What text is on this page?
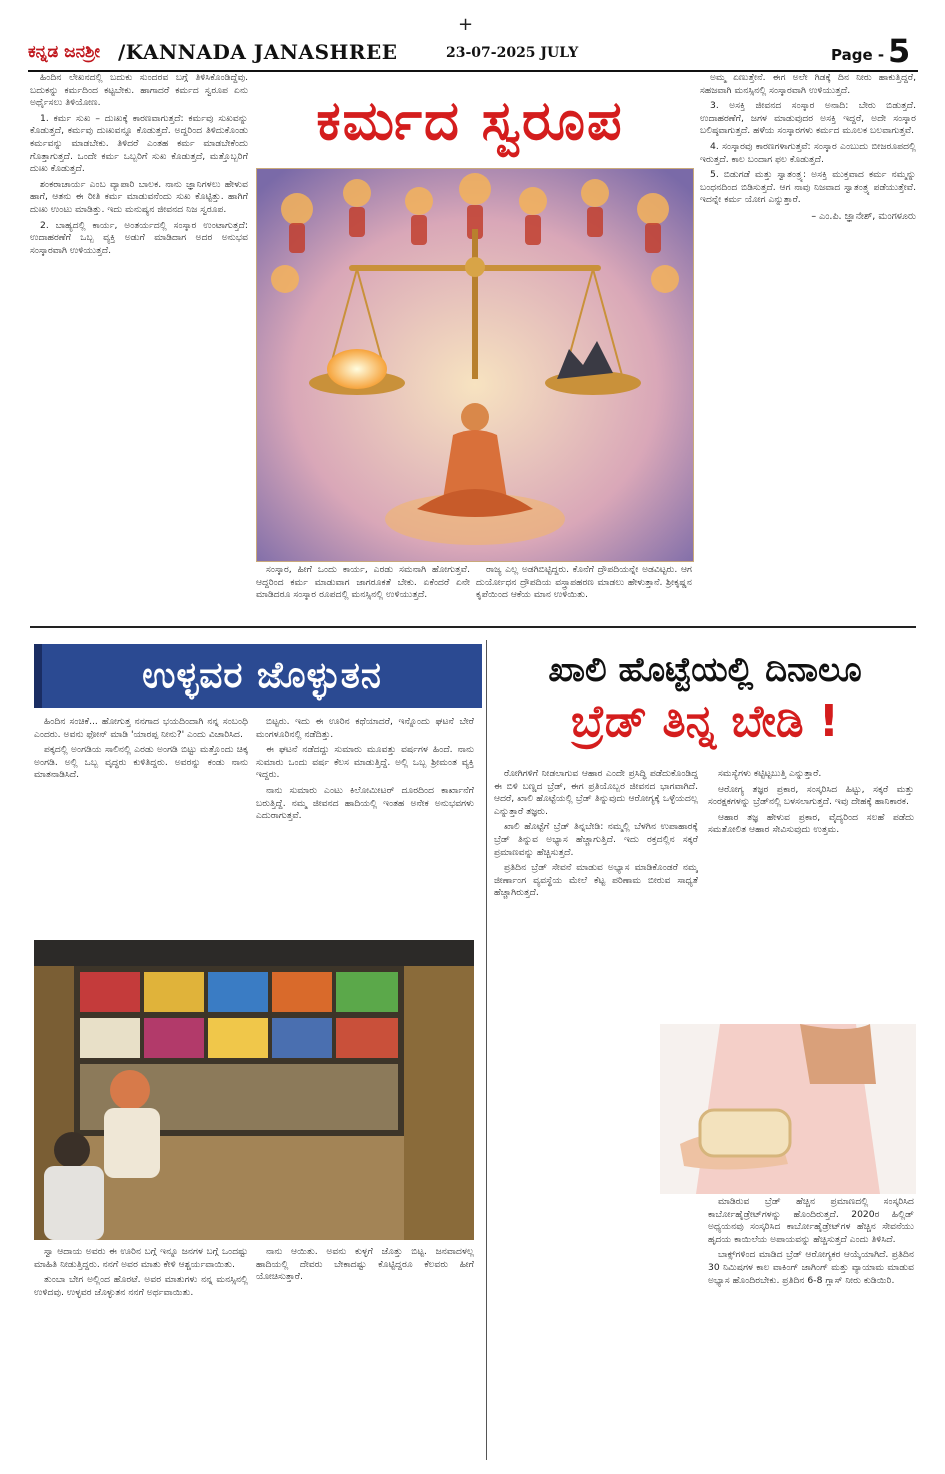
+
ಕನ್ನಡ ಜನಶ್ರೀ /KANNADA JANASHREE	23-07-2025 JULY	Page - 5
ಕರ್ಮದ ಸ್ವರೂಪ

ಹಿಂದಿನ ಲೇಖನದಲ್ಲಿ ಬದುಕು ಸುಂದರವ ಬಗ್ಗೆ ತಿಳಿಸಿಕೊಂಡಿದ್ದೆವು. ಬದುಕನ್ನು ಕರ್ಮದಿಂದ ಕಟ್ಟಬೇಕು. ಹಾಗಾದರೆ ಕರ್ಮದ ಸ್ವರೂಪ ಏನು ಅರ್ಥೈಸಲು ತಿಳಿಯೋಣ.

1. ಕರ್ಮ ಸುಖ – ದುಃಖಕ್ಕೆ ಕಾರಣವಾಗುತ್ತದೆ: ಕರ್ಮವು ಸುಖವನ್ನು ಕೊಡುತ್ತದೆ, ಕರ್ಮವು ದುಃಖವನ್ನೂ ಕೊಡುತ್ತದೆ. ಅದ್ದರಿಂದ ತಿಳಿದುಕೊಂಡು ಕರ್ಮವನ್ನು ಮಾಡಬೇಕು. ತಿಳಿದರೆ ಎಂತಹ ಕರ್ಮ ಮಾಡಬೇಕೆಂದು ಗೊತ್ತಾಗುತ್ತದೆ. ಒಂದೇ ಕರ್ಮ ಒಬ್ಬರಿಗೆ ಸುಖ ಕೊಡುತ್ತದೆ, ಮತ್ತೊಬ್ಬರಿಗೆ ದುಃಖ ಕೊಡುತ್ತದೆ.

ಶಂಕರಾಚಾರ್ಯ ಎಂಬ ವ್ಯಾಪಾರಿ ಬಾಲಕ. ನಾನು ಜ್ಞಾನಿಗಳಲು ಹೇಳುವ ಹಾಗೆ, ಆತನು ಈ ರೀತಿ ಕರ್ಮ ಮಾಡುವನೆಂದು ಸುಖ ಕೊಟ್ಟಿತ್ತು. ಹಾಗಿಗೆ ದುಃಖ ಉಂಟು ಮಾಡಿತ್ತು. ಇದು ಮನುಷ್ಯನ ಜೀವನದ ನಿಜ ಸ್ವರೂಪ.

2. ಬಾಹ್ಯದಲ್ಲಿ ಕಾರ್ಯ, ಅಂತರ್ಯದಲ್ಲಿ ಸಂಸ್ಕಾರ ಉಂಟಾಗುತ್ತದೆ: ಉದಾಹರಣೆಗೆ ಒಬ್ಬ ವ್ಯಕ್ತಿ ಅಡುಗೆ ಮಾಡಿದಾಗ ಅದರ ಅನುಭವ ಸಂಸ್ಕಾರವಾಗಿ ಉಳಿಯುತ್ತದೆ.

ಸಂಸ್ಕಾರ, ಹೀಗೆ ಒಂದು ಕಾರ್ಯ, ಎರಡು ಸಮನಾಗಿ ಹೋಗುತ್ತವೆ. ಆದ್ದರಿಂದ ಕರ್ಮ ಮಾಡುವಾಗ ಜಾಗರೂಕತೆ ಬೇಕು. ಏಕೆಂದರೆ ಏನೇ ಮಾಡಿದರೂ ಸಂಸ್ಕಾರ ರೂಪದಲ್ಲಿ ಮನಸ್ಸಿನಲ್ಲಿ ಉಳಿಯುತ್ತದೆ.

ರಾಜ್ಯ ಎಲ್ಲ ಅಡಗಿಬಿಟ್ಟಿದ್ದರು. ಕೊನೆಗೆ ದ್ರೌಪದಿಯನ್ನೇ ಅಡವಿಟ್ಟರು. ಆಗ ದುರ್ಯೋಧನ ದ್ರೌಪದಿಯ ವಸ್ತ್ರಾಪಹರಣ ಮಾಡಲು ಹೇಳುತ್ತಾನೆ. ಶ್ರೀಕೃಷ್ಣನ ಕೃಪೆಯಿಂದ ಆಕೆಯ ಮಾನ ಉಳಿಯಿತು.

ಅಮ್ಮ ಏಣುತ್ತೇನೆ. ಈಗ ಅಲೇ ಗಿಡಕ್ಕೆ ದಿನ ನೀರು ಹಾಕುತ್ತಿದ್ದರೆ, ಸಹಜವಾಗಿ ಮನಸ್ಸಿನಲ್ಲಿ ಸಂಸ್ಕಾರವಾಗಿ ಉಳಿಯುತ್ತದೆ.

3. ಅಸಕ್ತಿ ಜೀವನದ ಸಂಸ್ಕಾರ ಅನಾದಿ: ಬೇರು ಬಿಡುತ್ತದೆ. ಉದಾಹರಣೆಗೆ, ಜಗಳ ಮಾಡುವುದರ ಅಸಕ್ತಿ ಇದ್ದರೆ, ಅದೇ ಸಂಸ್ಕಾರ ಬಲಿಷ್ಠವಾಗುತ್ತದೆ. ಹಳೆಯ ಸಂಸ್ಕಾರಗಳು ಕರ್ಮದ ಮೂಲಕ ಬಲವಾಗುತ್ತವೆ.

4. ಸಂಸ್ಕಾರವು ಕಾರಣಗಳಾಗುತ್ತವೆ: ಸಂಸ್ಕಾರ ಎಂಬುದು ಬೀಜರೂಪದಲ್ಲಿ ಇರುತ್ತದೆ. ಕಾಲ ಬಂದಾಗ ಫಲ ಕೊಡುತ್ತದೆ.

5. ಬಿಡುಗಡೆ ಮತ್ತು ಸ್ವಾತಂತ್ರ್ಯ: ಅಸಕ್ತಿ ಮುಕ್ತವಾದ ಕರ್ಮ ನಮ್ಮನ್ನು ಬಂಧನದಿಂದ ಬಿಡಿಸುತ್ತದೆ. ಆಗ ನಾವು ನಿಜವಾದ ಸ್ವಾತಂತ್ರ್ಯ ಪಡೆಯುತ್ತೇವೆ. ಇದನ್ನೇ ಕರ್ಮ ಯೋಗ ಎನ್ನುತ್ತಾರೆ.

– ಎಂ.ಪಿ. ಜ್ಞಾನೇಶ್, ಮಂಗಳೂರು
ಉಳ್ಳವರ ಜೊಳ್ಳುತನ

ಹಿಂದಿನ ಸಂಚಿಕೆ... ಹೋಗುತ್ತ ನನಗಾದ ಭಯದಿಂದಾಗಿ ನನ್ನ ಸಂಬಂಧಿ ಎಂದರು. ಅವನು ಫೋನ್ ಮಾಡಿ 'ಯಾರಪ್ಪ ನೀನು?' ಎಂದು ವಿಚಾರಿಸಿದ.

ಪಕ್ಕದಲ್ಲಿ ಅಂಗಡಿಯ ಸಾಲಿನಲ್ಲಿ ಎರಡು ಅಂಗಡಿ ಬಿಟ್ಟು ಮತ್ತೊಂದು ಚಿಕ್ಕ ಅಂಗಡಿ. ಅಲ್ಲಿ ಒಬ್ಬ ವೃದ್ಧರು ಕುಳಿತಿದ್ದರು. ಅವರನ್ನು ಕಂಡು ನಾನು ಮಾತನಾಡಿಸಿದೆ.

ಬಿಟ್ಟರು. ಇದು ಈ ಊರಿನ ಕಥೆಯಾದರೆ, ಇನ್ನೊಂದು ಘಟನೆ ಬೇರೆ ಮಂಗಳೂರಿನಲ್ಲಿ ನಡೆದಿತ್ತು.

ಈ ಘಟನೆ ನಡೆದದ್ದು ಸುಮಾರು ಮೂವತ್ತು ವರ್ಷಗಳ ಹಿಂದೆ. ನಾನು ಸುಮಾರು ಒಂದು ವರ್ಷ ಕೆಲಸ ಮಾಡುತ್ತಿದ್ದೆ. ಅಲ್ಲಿ ಒಬ್ಬ ಶ್ರೀಮಂತ ವ್ಯಕ್ತಿ ಇದ್ದರು.

ನಾನು ಸುಮಾರು ಎಂಟು ಕಿಲೋಮೀಟರ್ ದೂರದಿಂದ ಕಾರ್ಖಾನೆಗೆ ಬರುತ್ತಿದ್ದೆ. ನಮ್ಮ ಜೀವನದ ಹಾದಿಯಲ್ಲಿ ಇಂತಹ ಅನೇಕ ಅನುಭವಗಳು ಎದುರಾಗುತ್ತವೆ.

ಸ್ವಾ ಆದಾಯ ಅವರು ಈ ಊರಿನ ಬಗ್ಗೆ ಇನ್ನೂ ಜನಗಳ ಬಗ್ಗೆ ಒಂದಷ್ಟು ಮಾಹಿತಿ ನೀಡುತ್ತಿದ್ದರು. ನನಗೆ ಅವರ ಮಾತು ಕೇಳಿ ಆಶ್ಚರ್ಯವಾಯಿತು.

ತುಂಬಾ ಬೇಗ ಅಲ್ಲಿಂದ ಹೊರಟೆ. ಅವರ ಮಾತುಗಳು ನನ್ನ ಮನಸ್ಸಿನಲ್ಲಿ ಉಳಿದವು. ಉಳ್ಳವರ ಜೊಳ್ಳುತನ ನನಗೆ ಅರ್ಥವಾಯಿತು.

ನಾನು ಆಯಿತು. ಅವನು ಕುಳ್ಳಗೆ ಜೊತ್ತು ಬಿಟ್ಟ. ಜನವಾದಳಲ್ಲ ಹಾದಿಯಲ್ಲಿ ದೇವರು ಬೇಕಾದಷ್ಟು ಕೊಟ್ಟಿದ್ದರೂ ಕೆಲವರು ಹೀಗೆ ಯೋಚಿಸುತ್ತಾರೆ.

ಖಾಲಿ ಹೊಟ್ಟೆಯಲ್ಲಿ ದಿನಾಲೂ
ಬ್ರೆಡ್ ತಿನ್ನ ಬೇಡಿ !

ರೋಗಿಗಳಿಗೆ ನೀಡಲಾಗುವ ಆಹಾರ ಎಂದೇ ಪ್ರಸಿದ್ಧಿ ಪಡೆದುಕೊಂಡಿದ್ದ ಈ ಬಿಳಿ ಬಣ್ಣದ ಬ್ರೆಡ್, ಈಗ ಪ್ರತಿಯೊಬ್ಬರ ಜೀವನದ ಭಾಗವಾಗಿದೆ. ಆದರೆ, ಖಾಲಿ ಹೊಟ್ಟೆಯಲ್ಲಿ ಬ್ರೆಡ್ ತಿನ್ನುವುದು ಆರೋಗ್ಯಕ್ಕೆ ಒಳ್ಳೆಯದಲ್ಲ ಎನ್ನುತ್ತಾರೆ ತಜ್ಞರು.

ಖಾಲಿ ಹೊಟ್ಟೆಗೆ ಬ್ರೆಡ್ ತಿನ್ನಬೇಡಿ: ನಮ್ಮಲ್ಲಿ ಬೆಳಗಿನ ಉಪಾಹಾರಕ್ಕೆ ಬ್ರೆಡ್ ತಿನ್ನುವ ಅಭ್ಯಾಸ ಹೆಚ್ಚಾಗುತ್ತಿದೆ. ಇದು ರಕ್ತದಲ್ಲಿನ ಸಕ್ಕರೆ ಪ್ರಮಾಣವನ್ನು ಹೆಚ್ಚಿಸುತ್ತದೆ.

ಪ್ರತಿದಿನ ಬ್ರೆಡ್ ಸೇವನೆ ಮಾಡುವ ಅಭ್ಯಾಸ ಮಾಡಿಕೊಂಡರೆ ನಮ್ಮ ಜೀರ್ಣಾಂಗ ವ್ಯವಸ್ಥೆಯ ಮೇಲೆ ಕೆಟ್ಟ ಪರಿಣಾಮ ಬೀರುವ ಸಾಧ್ಯತೆ ಹೆಚ್ಚಾಗಿರುತ್ತದೆ.

ಸಮಸ್ಯೆಗಳು ಕಟ್ಟಿಟ್ಟಬುತ್ತಿ ಎನ್ನುತ್ತಾರೆ.

ಆರೋಗ್ಯ ತಜ್ಞರ ಪ್ರಕಾರ, ಸಂಸ್ಕರಿಸಿದ ಹಿಟ್ಟು, ಸಕ್ಕರೆ ಮತ್ತು ಸಂರಕ್ಷಕಗಳನ್ನು ಬ್ರೆಡ್‌ನಲ್ಲಿ ಬಳಸಲಾಗುತ್ತದೆ. ಇವು ದೇಹಕ್ಕೆ ಹಾನಿಕಾರಕ.

ಆಹಾರ ತಜ್ಞ ಹೇಳುವ ಪ್ರಕಾರ, ವೈದ್ಯರಿಂದ ಸಲಹೆ ಪಡೆದು ಸಮತೋಲಿತ ಆಹಾರ ಸೇವಿಸುವುದು ಉತ್ತಮ.

ಮಾಡಿರುವ ಬ್ರೆಡ್ ಹೆಚ್ಚಿನ ಪ್ರಮಾಣದಲ್ಲಿ ಸಂಸ್ಕರಿಸಿದ ಕಾರ್ಬೋಹೈಡ್ರೇಟ್‌ಗಳನ್ನು ಹೊಂದಿರುತ್ತದೆ. 2020ರ ಹಿಲ್ಲಿಡ್ ಅಧ್ಯಯನವು ಸಂಸ್ಕರಿಸಿದ ಕಾರ್ಬೋಹೈಡ್ರೇಟ್‌ಗಳ ಹೆಚ್ಚಿನ ಸೇವನೆಯು ಹೃದಯ ಕಾಯಿಲೆಯ ಅಪಾಯವನ್ನು ಹೆಚ್ಚಿಸುತ್ತದೆ ಎಂದು ತಿಳಿಸಿದೆ.

ಬಾಕ್ಸ್‌ಗಳಿಂದ ಮಾಡಿದ ಬ್ರೆಡ್ ಆರೋಗ್ಯಕರ ಆಯ್ಕೆಯಾಗಿದೆ. ಪ್ರತಿದಿನ 30 ನಿಮಿಷಗಳ ಕಾಲ ವಾಕಿಂಗ್ ಜಾಗಿಂಗ್ ಮತ್ತು ವ್ಯಾಯಾಮ ಮಾಡುವ ಅಭ್ಯಾಸ ಹೊಂದಿರಬೇಕು. ಪ್ರತಿದಿನ 6-8 ಗ್ಲಾಸ್ ನೀರು ಕುಡಿಯಿರಿ.
